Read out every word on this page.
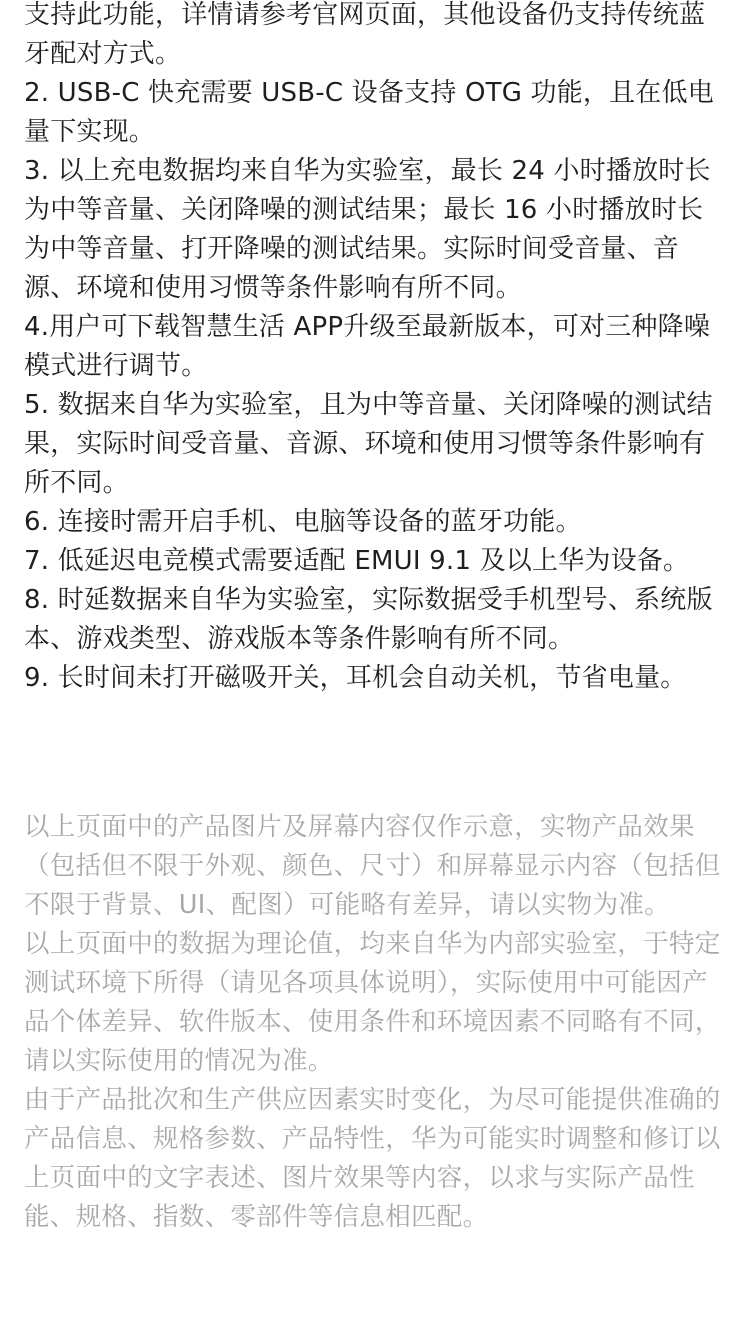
支持此功能，详情请参考官网页面，其他设备仍支持传统蓝牙配对方式。

2. USB-C 快充需要 USB-C 设备支持 OTG 功能，且在低电量下实现。

3. 以上充电数据均来自华为实验室，最长 24 小时播放时长为中等音量、关闭降噪的测试结果；最长 16 小时播放时长为中等音量、打开降噪的测试结果。实际时间受音量、音源、环境和使用习惯等条件影响有所不同。

4.用户可下载智慧生活 APP升级至最新版本，可对三种降噪模式进行调节。

5. 数据来自华为实验室，且为中等音量、关闭降噪的测试结果，实际时间受音量、音源、环境和使用习惯等条件影响有所不同。

6. 连接时需开启手机、电脑等设备的蓝牙功能。

7. 低延迟电竞模式需要适配 EMUI 9.1 及以上华为设备。

8. 时延数据来自华为实验室，实际数据受手机型号、系统版本、游戏类型、游戏版本等条件影响有所不同。

9. 长时间未打开磁吸开关，耳机会自动关机，节省电量。

以上页面中的产品图片及屏幕内容仅作示意，实物产品效果（包括但不限于外观、颜色、尺寸）和屏幕显示内容（包括但不限于背景、UI、配图）可能略有差异，请以实物为准。

以上页面中的数据为理论值，均来自华为内部实验室，于特定测试环境下所得（请见各项具体说明），实际使用中可能因产品个体差异、软件版本、使用条件和环境因素不同略有不同，请以实际使用的情况为准。

由于产品批次和生产供应因素实时变化，为尽可能提供准确的产品信息、规格参数、产品特性，华为可能实时调整和修订以上页面中的文字表述、图片效果等内容，以求与实际产品性能、规格、指数、零部件等信息相匹配。
